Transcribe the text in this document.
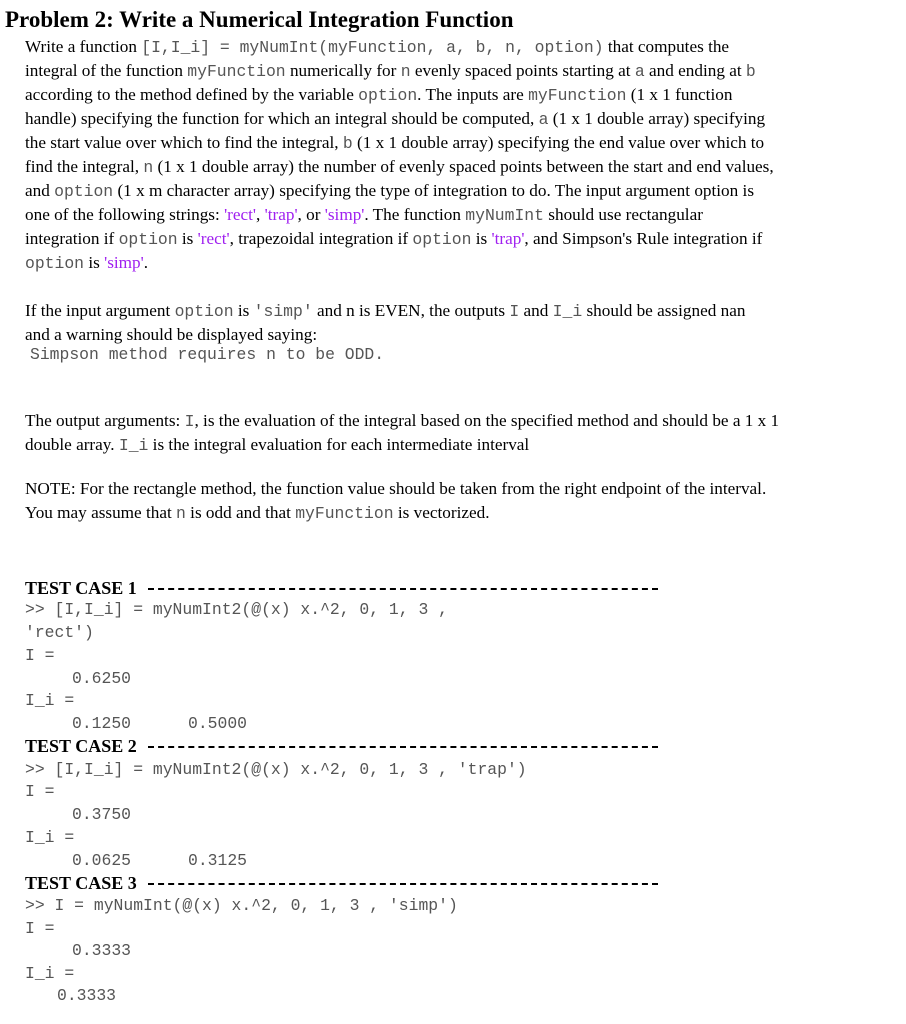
Problem 2: Write a Numerical Integration Function
Write a function [I,I_i] = myNumInt(myFunction, a, b, n, option) that computes the
integral of the function myFunction numerically for n evenly spaced points starting at a and ending at b
according to the method defined by the variable option. The inputs are myFunction (1 x 1 function
handle) specifying the function for which an integral should be computed, a (1 x 1 double array) specifying
the start value over which to find the integral, b (1 x 1 double array) specifying the end value over which to
find the integral, n (1 x 1 double array) the number of evenly spaced points between the start and end values,
and option (1 x m character array) specifying the type of integration to do. The input argument option is
one of the following strings: 'rect', 'trap', or 'simp'. The function myNumInt should use rectangular
integration if option is 'rect', trapezoidal integration if option is 'trap', and Simpson's Rule integration if
option is 'simp'.
If the input argument option is 'simp' and n is EVEN, the outputs I and I_i should be assigned nan
and a warning should be displayed saying:
Simpson method requires n to be ODD.
The output arguments: I, is the evaluation of the integral based on the specified method and should be a 1 x 1
double array. I_i is the integral evaluation for each intermediate interval
NOTE: For the rectangle method, the function value should be taken from the right endpoint of the interval.
You may assume that n is odd and that myFunction is vectorized.
TEST CASE 1
>> [I,I_i] = myNumInt2(@(x) x.^2, 0, 1, 3 ,
'rect')
I =
0.6250
I_i =
0.1250	0.5000
TEST CASE 2
>> [I,I_i] = myNumInt2(@(x) x.^2, 0, 1, 3 , 'trap')
I =
0.3750
I_i =
0.0625	0.3125
TEST CASE 3
>> I = myNumInt(@(x) x.^2, 0, 1, 3 , 'simp')
I =
0.3333
I_i =
0.3333
